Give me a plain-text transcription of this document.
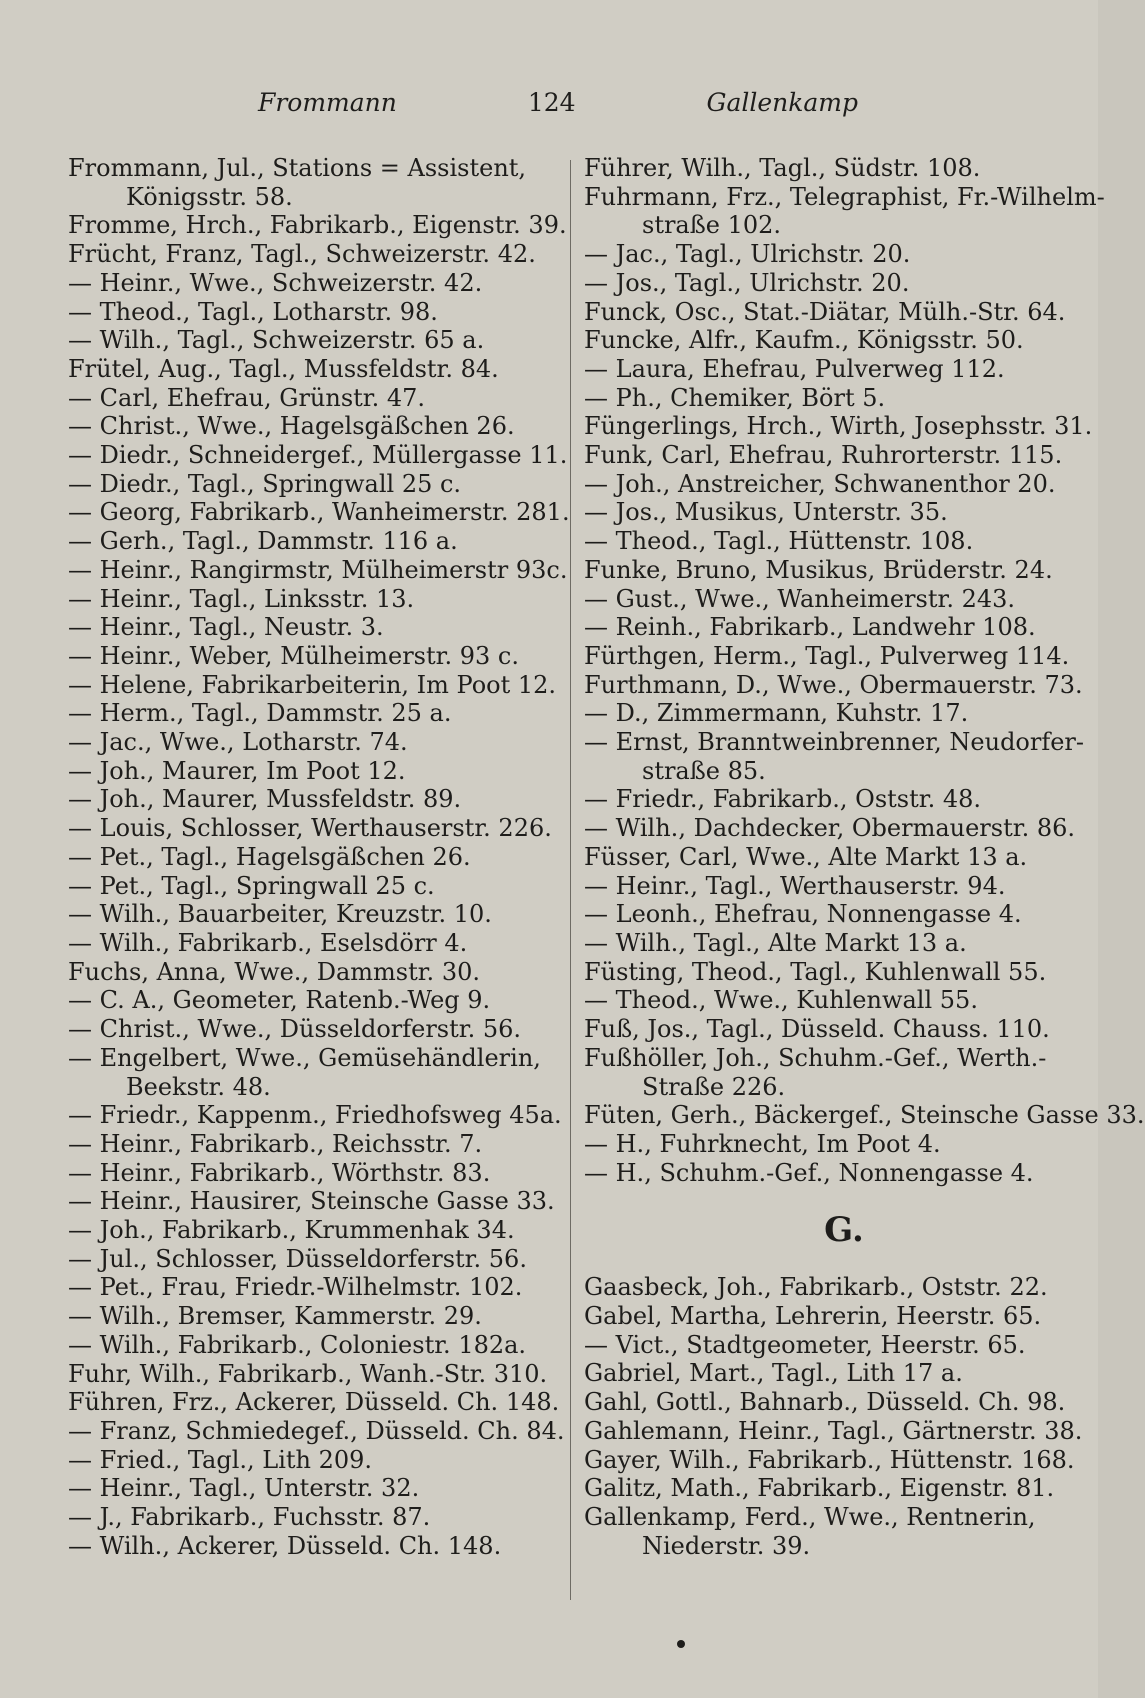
Frommann	124	Gallenkamp
Frommann, Jul., Stations = Assistent,
Königsstr. 58.
Fromme, Hrch., Fabrikarb., Eigenstr. 39.
Frücht, Franz, Tagl., Schweizerstr. 42.
— Heinr., Wwe., Schweizerstr. 42.
— Theod., Tagl., Lotharstr. 98.
— Wilh., Tagl., Schweizerstr. 65 a.
Frütel, Aug., Tagl., Mussfeldstr. 84.
— Carl, Ehefrau, Grünstr. 47.
— Christ., Wwe., Hagelsgäßchen 26.
— Diedr., Schneidergef., Müllergasse 11.
— Diedr., Tagl., Springwall 25 c.
— Georg, Fabrikarb., Wanheimerstr. 281.
— Gerh., Tagl., Dammstr. 116 a.
— Heinr., Rangirmstr, Mülheimerstr 93c.
— Heinr., Tagl., Linksstr. 13.
— Heinr., Tagl., Neustr. 3.
— Heinr., Weber, Mülheimerstr. 93 c.
— Helene, Fabrikarbeiterin, Im Poot 12.
— Herm., Tagl., Dammstr. 25 a.
— Jac., Wwe., Lotharstr. 74.
— Joh., Maurer, Im Poot 12.
— Joh., Maurer, Mussfeldstr. 89.
— Louis, Schlosser, Werthauserstr. 226.
— Pet., Tagl., Hagelsgäßchen 26.
— Pet., Tagl., Springwall 25 c.
— Wilh., Bauarbeiter, Kreuzstr. 10.
— Wilh., Fabrikarb., Eselsdörr 4.
Fuchs, Anna, Wwe., Dammstr. 30.
— C. A., Geometer, Ratenb.-Weg 9.
— Christ., Wwe., Düsseldorferstr. 56.
— Engelbert, Wwe., Gemüsehändlerin,
Beekstr. 48.
— Friedr., Kappenm., Friedhofsweg 45a.
— Heinr., Fabrikarb., Reichsstr. 7.
— Heinr., Fabrikarb., Wörthstr. 83.
— Heinr., Hausirer, Steinsche Gasse 33.
— Joh., Fabrikarb., Krummenhak 34.
— Jul., Schlosser, Düsseldorferstr. 56.
— Pet., Frau, Friedr.-Wilhelmstr. 102.
— Wilh., Bremser, Kammerstr. 29.
— Wilh., Fabrikarb., Coloniestr. 182a.
Fuhr, Wilh., Fabrikarb., Wanh.-Str. 310.
Führen, Frz., Ackerer, Düsseld. Ch. 148.
— Franz, Schmiedegef., Düsseld. Ch. 84.
— Fried., Tagl., Lith 209.
— Heinr., Tagl., Unterstr. 32.
— J., Fabrikarb., Fuchsstr. 87.
— Wilh., Ackerer, Düsseld. Ch. 148.
Führer, Wilh., Tagl., Südstr. 108.
Fuhrmann, Frz., Telegraphist, Fr.-Wilhelm-
straße 102.
— Jac., Tagl., Ulrichstr. 20.
— Jos., Tagl., Ulrichstr. 20.
Funck, Osc., Stat.-Diätar, Mülh.-Str. 64.
Funcke, Alfr., Kaufm., Königsstr. 50.
— Laura, Ehefrau, Pulverweg 112.
— Ph., Chemiker, Bört 5.
Füngerlings, Hrch., Wirth, Josephsstr. 31.
Funk, Carl, Ehefrau, Ruhrorterstr. 115.
— Joh., Anstreicher, Schwanenthor 20.
— Jos., Musikus, Unterstr. 35.
— Theod., Tagl., Hüttenstr. 108.
Funke, Bruno, Musikus, Brüderstr. 24.
— Gust., Wwe., Wanheimerstr. 243.
— Reinh., Fabrikarb., Landwehr 108.
Fürthgen, Herm., Tagl., Pulverweg 114.
Furthmann, D., Wwe., Obermauerstr. 73.
— D., Zimmermann, Kuhstr. 17.
— Ernst, Branntweinbrenner, Neudorfer-
straße 85.
— Friedr., Fabrikarb., Oststr. 48.
— Wilh., Dachdecker, Obermauerstr. 86.
Füsser, Carl, Wwe., Alte Markt 13 a.
— Heinr., Tagl., Werthauserstr. 94.
— Leonh., Ehefrau, Nonnengasse 4.
— Wilh., Tagl., Alte Markt 13 a.
Füsting, Theod., Tagl., Kuhlenwall 55.
— Theod., Wwe., Kuhlenwall 55.
Fuß, Jos., Tagl., Düsseld. Chauss. 110.
Fußhöller, Joh., Schuhm.-Gef., Werth.-
Straße 226.
Füten, Gerh., Bäckergef., Steinsche Gasse 33.
— H., Fuhrknecht, Im Poot 4.
— H., Schuhm.-Gef., Nonnengasse 4.
G.
Gaasbeck, Joh., Fabrikarb., Oststr. 22.
Gabel, Martha, Lehrerin, Heerstr. 65.
— Vict., Stadtgeometer, Heerstr. 65.
Gabriel, Mart., Tagl., Lith 17 a.
Gahl, Gottl., Bahnarb., Düsseld. Ch. 98.
Gahlemann, Heinr., Tagl., Gärtnerstr. 38.
Gayer, Wilh., Fabrikarb., Hüttenstr. 168.
Galitz, Math., Fabrikarb., Eigenstr. 81.
Gallenkamp, Ferd., Wwe., Rentnerin,
Niederstr. 39.
